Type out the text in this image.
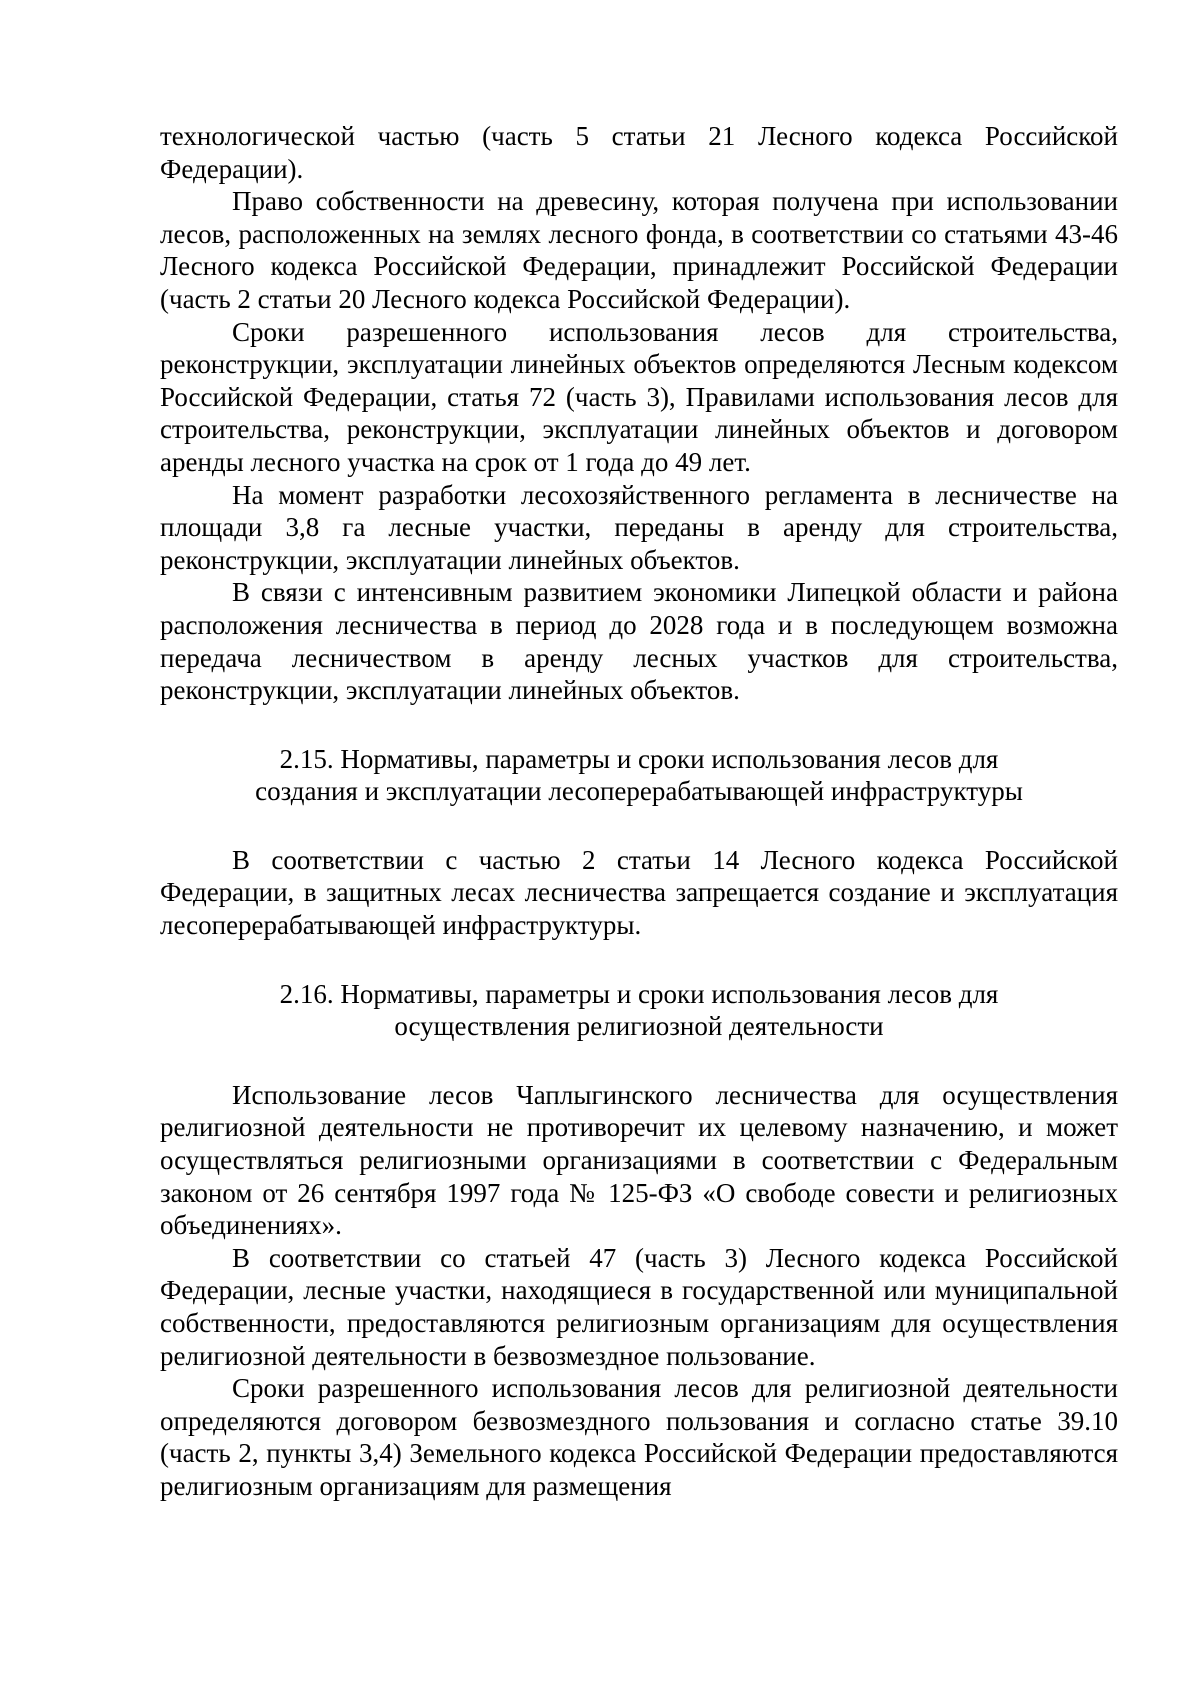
технологической частью (часть 5 статьи 21 Лесного кодекса Российской Федерации).

Право собственности на древесину, которая получена при использовании лесов, расположенных на землях лесного фонда, в соответствии со статьями 43-46 Лесного кодекса Российской Федерации, принадлежит Российской Федерации (часть 2 статьи 20 Лесного кодекса Российской Федерации).

Сроки разрешенного использования лесов для строительства, реконструкции, эксплуатации линейных объектов определяются Лесным кодексом Российской Федерации, статья 72 (часть 3), Правилами использования лесов для строительства, реконструкции, эксплуатации линейных объектов и договором аренды лесного участка на срок от 1 года до 49 лет.

На момент разработки лесохозяйственного регламента в лесничестве на площади 3,8 га лесные участки, переданы в аренду для строительства, реконструкции, эксплуатации линейных объектов.

В связи с интенсивным развитием экономики Липецкой области и района расположения лесничества в период до 2028 года и в последующем возможна передача лесничеством в аренду лесных участков для строительства, реконструкции, эксплуатации линейных объектов.

2.15. Нормативы, параметры и сроки использования лесов для
создания и эксплуатации лесоперерабатывающей инфраструктуры

В соответствии с частью 2 статьи 14 Лесного кодекса Российской Федерации, в защитных лесах лесничества запрещается создание и эксплуатация лесоперерабатывающей инфраструктуры.

2.16. Нормативы, параметры и сроки использования лесов для
осуществления религиозной деятельности

Использование лесов Чаплыгинского лесничества для осуществления религиозной деятельности не противоречит их целевому назначению, и может осуществляться религиозными организациями в соответствии с Федеральным законом от 26 сентября 1997 года № 125-ФЗ «О свободе совести и религиозных объединениях».

В соответствии со статьей 47 (часть 3) Лесного кодекса Российской Федерации, лесные участки, находящиеся в государственной или муниципальной собственности, предоставляются религиозным организациям для осуществления религиозной деятельности в безвозмездное пользование.

Сроки разрешенного использования лесов для религиозной деятельности определяются договором безвозмездного пользования и согласно статье 39.10 (часть 2, пункты 3,4) Земельного кодекса Российской Федерации предоставляются религиозным организациям для размещения
